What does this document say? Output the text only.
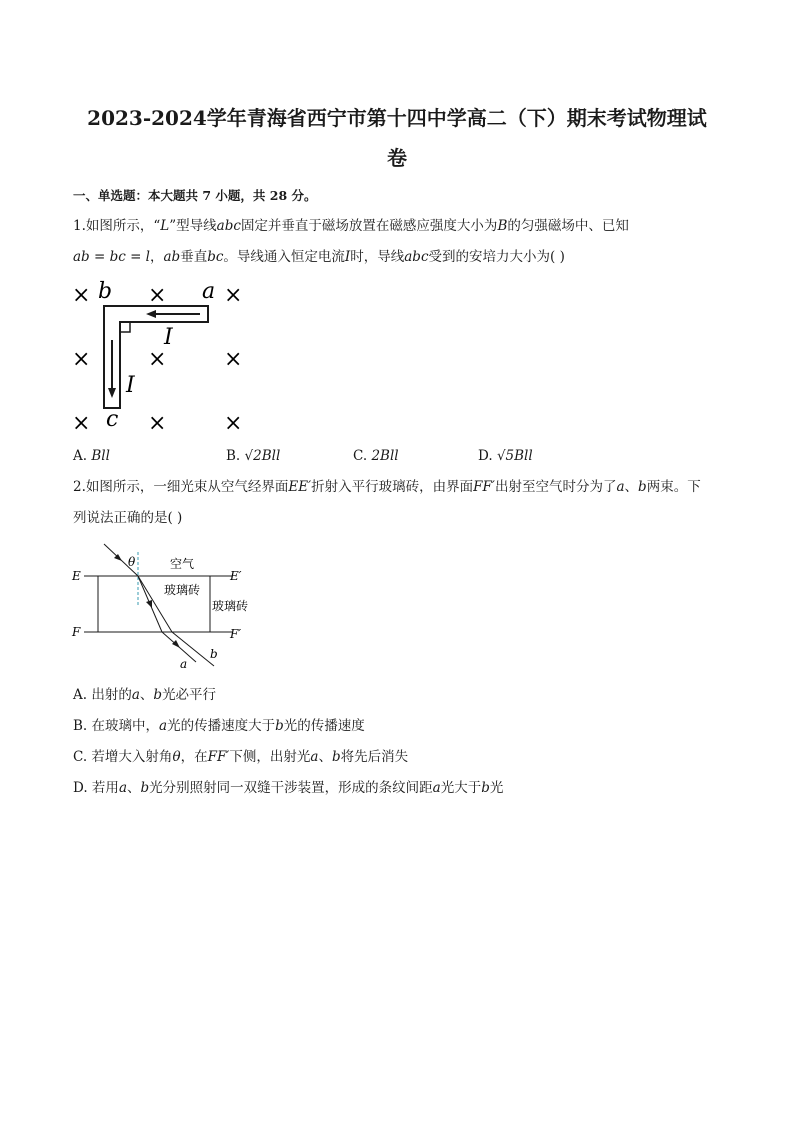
2023-2024学年青海省西宁市第十四中学高二（下）期末考试物理试
卷
一、单选题：本大题共 7 小题，共 28 分。
1.如图所示，“L”型导线abc固定并垂直于磁场放置在磁感应强度大小为B的匀强磁场中、已知
ab = bc = l，ab垂直bc。导线通入恒定电流I时，导线abc受到的安培力大小为( )
×	×	×
×	×	×
×	×	×
b	a
c
I
I
A. Bll	B. √2Bll	C. 2Bll	D. √5Bll
2.如图所示，一细光束从空气经界面EE′折射入平行玻璃砖，由界面FF′出射至空气时分为了a、b两束。下
列说法正确的是( )
E	E′
F	F′
θ	空气
玻璃砖
玻璃砖
a
b
A. 出射的a、b光必平行
B. 在玻璃中，a光的传播速度大于b光的传播速度
C. 若增大入射角θ，在FF′下侧，出射光a、b将先后消失
D. 若用a、b光分别照射同一双缝干涉装置，形成的条纹间距a光大于b光
